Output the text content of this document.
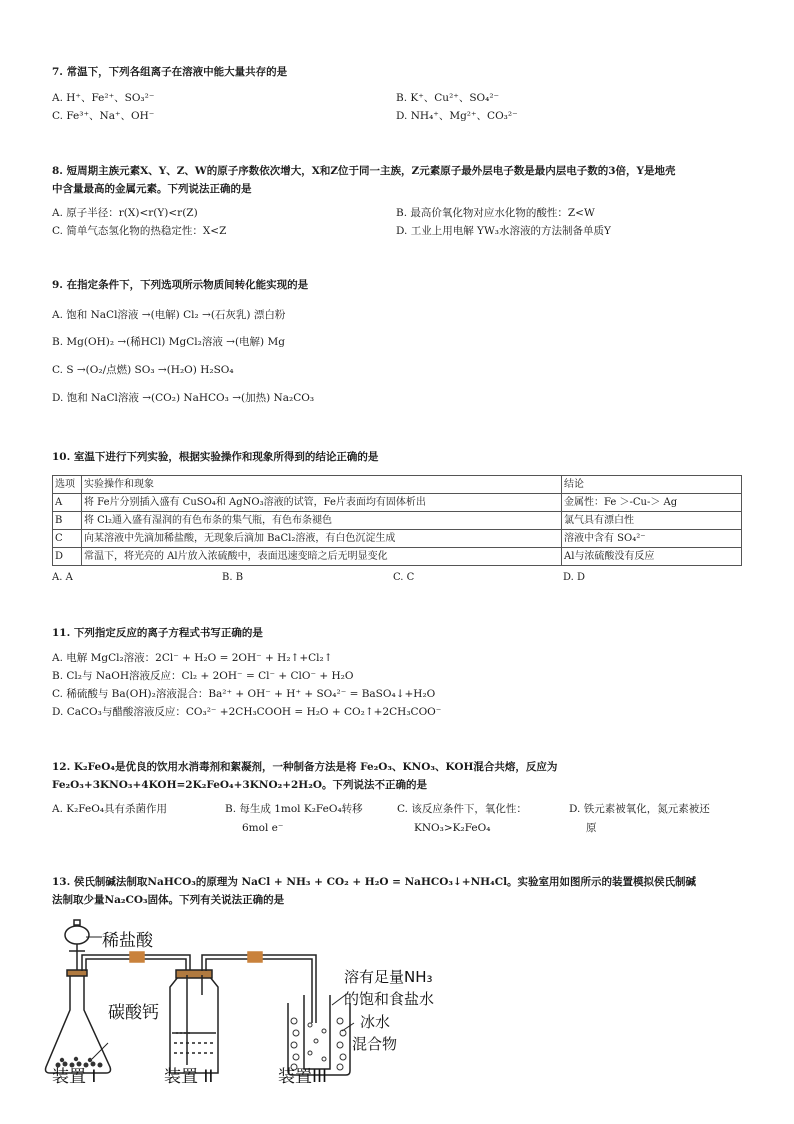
7. 常温下，下列各组离子在溶液中能大量共存的是
A. H⁺、Fe²⁺、SO₃²⁻	B. K⁺、Cu²⁺、SO₄²⁻
C. Fe³⁺、Na⁺、OH⁻	D. NH₄⁺、Mg²⁺、CO₃²⁻
8. 短周期主族元素X、Y、Z、W的原子序数依次增大，X和Z位于同一主族，Z元素原子最外层电子数是最内层电子数的3倍，Y是地壳
中含量最高的金属元素。下列说法正确的是
A. 原子半径：r(X)<r(Y)<r(Z)	B. 最高价氧化物对应水化物的酸性：Z<W
C. 简单气态氢化物的热稳定性：X<Z	D. 工业上用电解 YW₃水溶液的方法制备单质Y
9. 在指定条件下，下列选项所示物质间转化能实现的是
A. 饱和 NaCl溶液 →(电解) Cl₂ →(石灰乳) 漂白粉
B. Mg(OH)₂ →(稀HCl) MgCl₂溶液 →(电解) Mg
C. S →(O₂/点燃) SO₃ →(H₂O) H₂SO₄
D. 饱和 NaCl溶液 →(CO₂) NaHCO₃ →(加热) Na₂CO₃
10. 室温下进行下列实验，根据实验操作和现象所得到的结论正确的是
选项	实验操作和现象	结论
A	将 Fe片分别插入盛有 CuSO₄和 AgNO₃溶液的试管，Fe片表面均有固体析出	金属性：Fe ＞-Cu-＞ Ag
B	将 Cl₂通入盛有湿润的有色布条的集气瓶，有色布条褪色	氯气具有漂白性
C	向某溶液中先滴加稀盐酸，无现象后滴加 BaCl₂溶液，有白色沉淀生成	溶液中含有 SO₄²⁻
D	常温下，将光亮的 Al片放入浓硫酸中，表面迅速变暗之后无明显变化	Al与浓硫酸没有反应
A. A	B. B	C. C	D. D
11. 下列指定反应的离子方程式书写正确的是
A. 电解 MgCl₂溶液：2Cl⁻ + H₂O = 2OH⁻ + H₂↑+Cl₂↑
B. Cl₂与 NaOH溶液反应：Cl₂ + 2OH⁻ = Cl⁻ + ClO⁻ + H₂O
C. 稀硫酸与 Ba(OH)₂溶液混合：Ba²⁺ + OH⁻ + H⁺ + SO₄²⁻ = BaSO₄↓+H₂O
D. CaCO₃与醋酸溶液反应：CO₃²⁻ +2CH₃COOH = H₂O + CO₂↑+2CH₃COO⁻
12. K₂FeO₄是优良的饮用水消毒剂和絮凝剂，一种制备方法是将 Fe₂O₃、KNO₃、KOH混合共熔，反应为
Fe₂O₃+3KNO₃+4KOH=2K₂FeO₄+3KNO₂+2H₂O。下列说法不正确的是
A. K₂FeO₄具有杀菌作用	B. 每生成 1mol K₂FeO₄转移
6mol e⁻
C. 该反应条件下，氧化性：
KNO₃>K₂FeO₄
D. 铁元素被氧化，氮元素被还
原
13. 侯氏制碱法制取NaHCO₃的原理为 NaCl + NH₃ + CO₂ + H₂O = NaHCO₃↓+NH₄Cl。实验室用如图所示的装置模拟侯氏制碱
法制取少量Na₂CO₃固体。下列有关说法正确的是
稀盐酸
碳酸钙
溶有足量NH₃
的饱和食盐水
冰水
混合物
装置 I	装置 II	装置III
